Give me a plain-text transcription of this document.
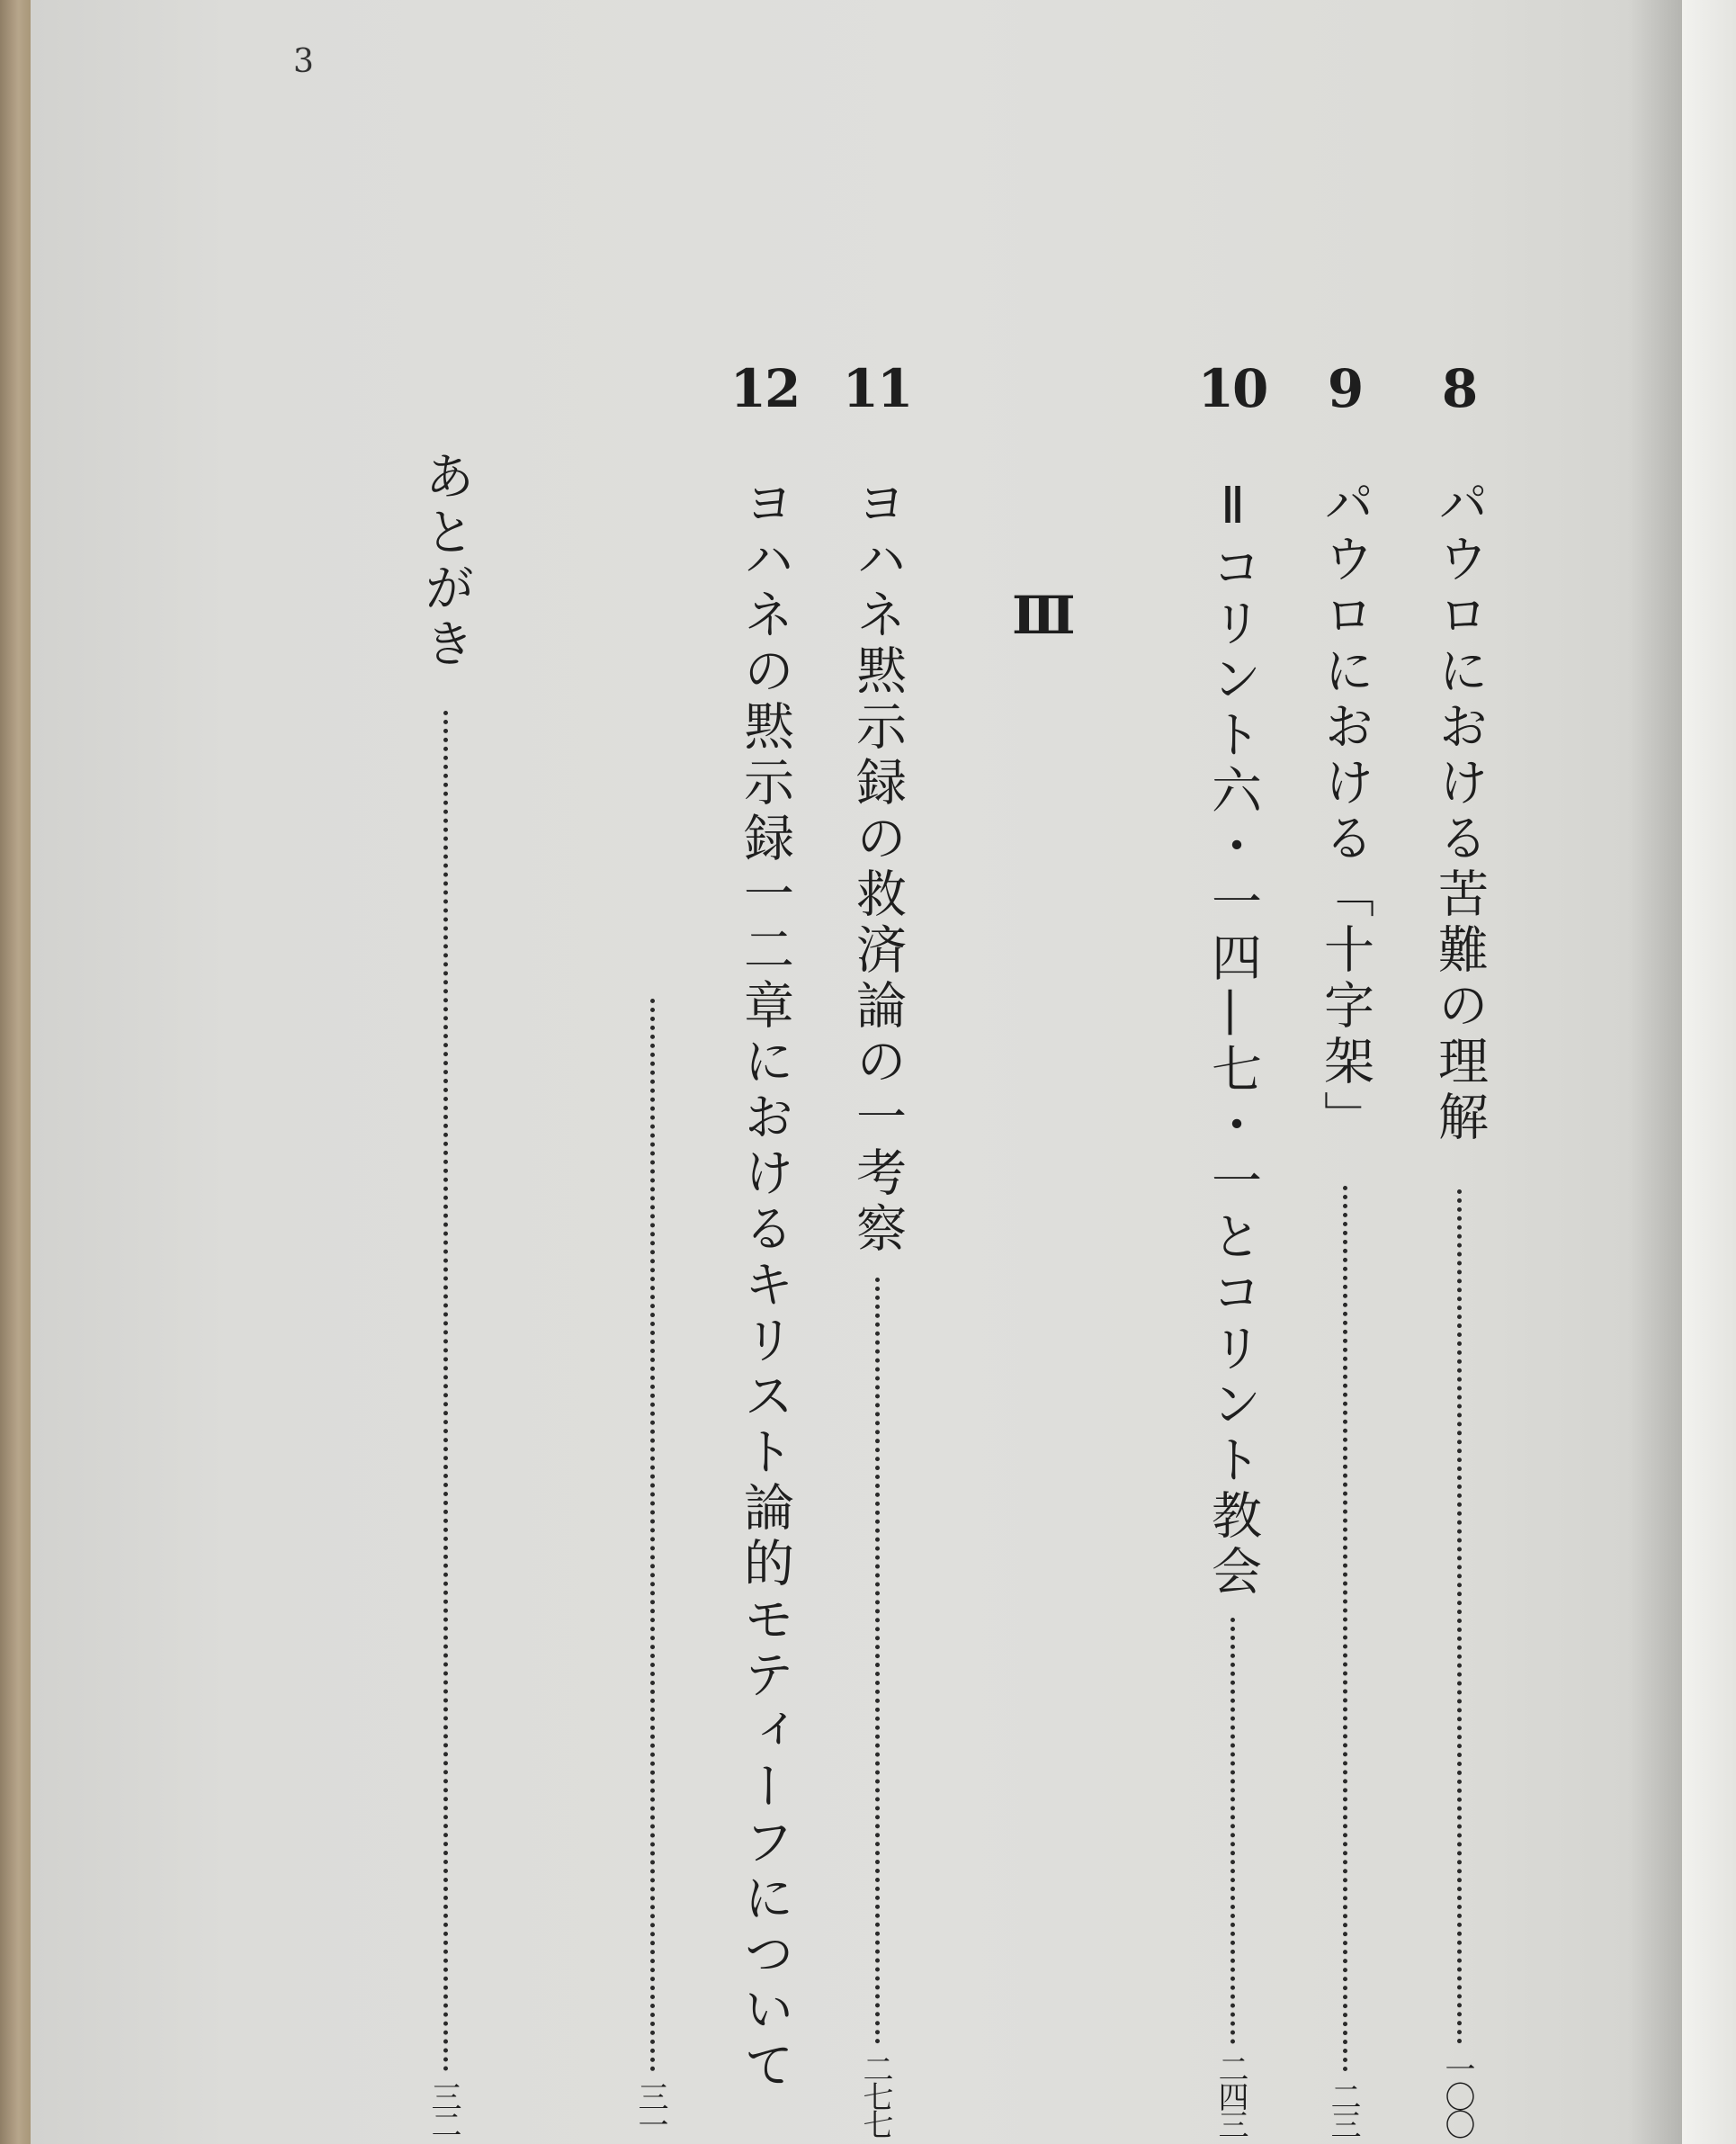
3
Ⅲ
8
パウロにおける苦難の理解
一〇〇
9
パウロにおける「十字架」
二三
10
Ⅱコリント六・一四—七・一とコリント教会
二四三
11
ヨハネ黙示録の救済論の一考察
二七七
12
ヨハネの黙示録一二章におけるキリスト論的モティーフについて
三一
あとがき
三二
